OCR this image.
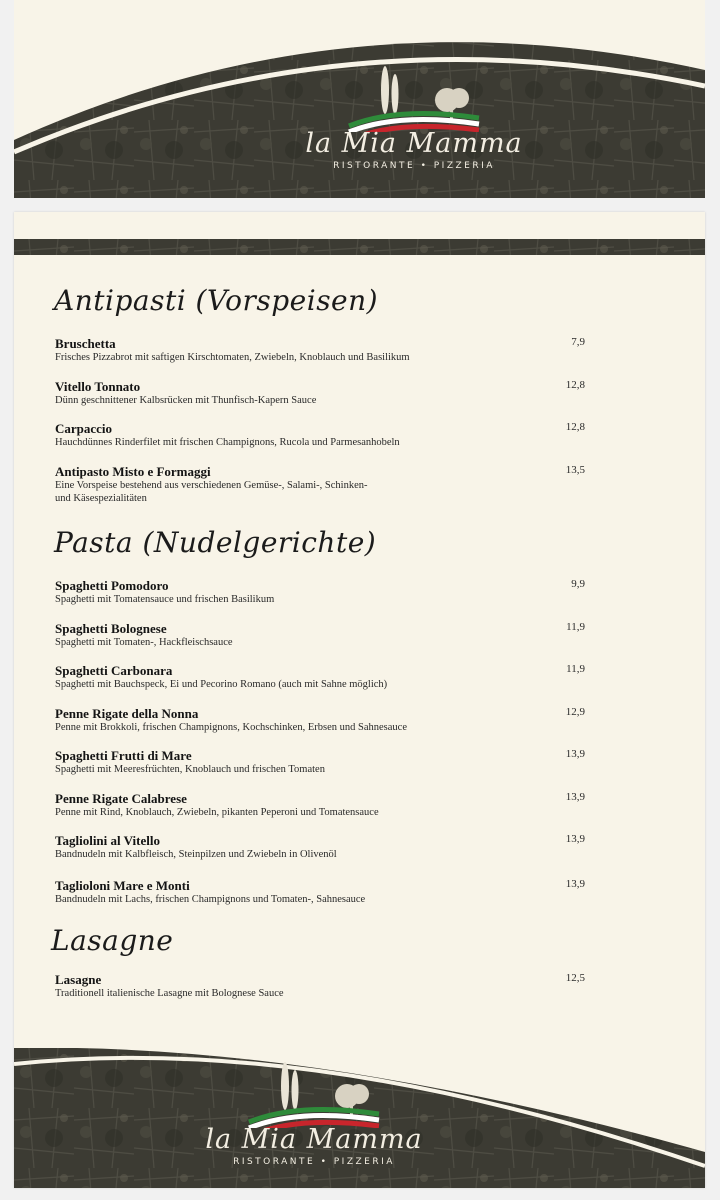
la Mia Mamma
RISTORANTE • PIZZERIA
Antipasti (Vorspeisen)
Bruschetta
Frisches Pizzabrot mit saftigen Kirschtomaten, Zwiebeln, Knoblauch und Basilikum
7,9
Vitello Tonnato
Dünn geschnittener Kalbsrücken mit Thunfisch-Kapern Sauce
12,8
Carpaccio
Hauchdünnes Rinderfilet mit frischen Champignons, Rucola und Parmesanhobeln
12,8
Antipasto Misto e Formaggi
Eine Vorspeise bestehend aus verschiedenen Gemüse-, Salami-, Schinken-
und Käsespezialitäten
13,5
Pasta (Nudelgerichte)
Spaghetti Pomodoro
Spaghetti mit Tomatensauce und frischen Basilikum
9,9
Spaghetti Bolognese
Spaghetti mit Tomaten-, Hackfleischsauce
11,9
Spaghetti Carbonara
Spaghetti mit Bauchspeck, Ei und Pecorino Romano (auch mit Sahne möglich)
11,9
Penne Rigate della Nonna
Penne mit Brokkoli, frischen Champignons, Kochschinken, Erbsen und Sahnesauce
12,9
Spaghetti Frutti di Mare
Spaghetti mit Meeresfrüchten, Knoblauch und frischen Tomaten
13,9
Penne Rigate Calabrese
Penne mit Rind, Knoblauch, Zwiebeln, pikanten Peperoni und Tomatensauce
13,9
Tagliolini al Vitello
Bandnudeln mit Kalbfleisch, Steinpilzen und Zwiebeln in Olivenöl
13,9
Taglioloni Mare e Monti
Bandnudeln mit Lachs, frischen Champignons und Tomaten-, Sahnesauce
13,9
Lasagne
Lasagne
Traditionell italienische Lasagne mit Bolognese Sauce
12,5
la Mia Mamma
RISTORANTE • PIZZERIA
